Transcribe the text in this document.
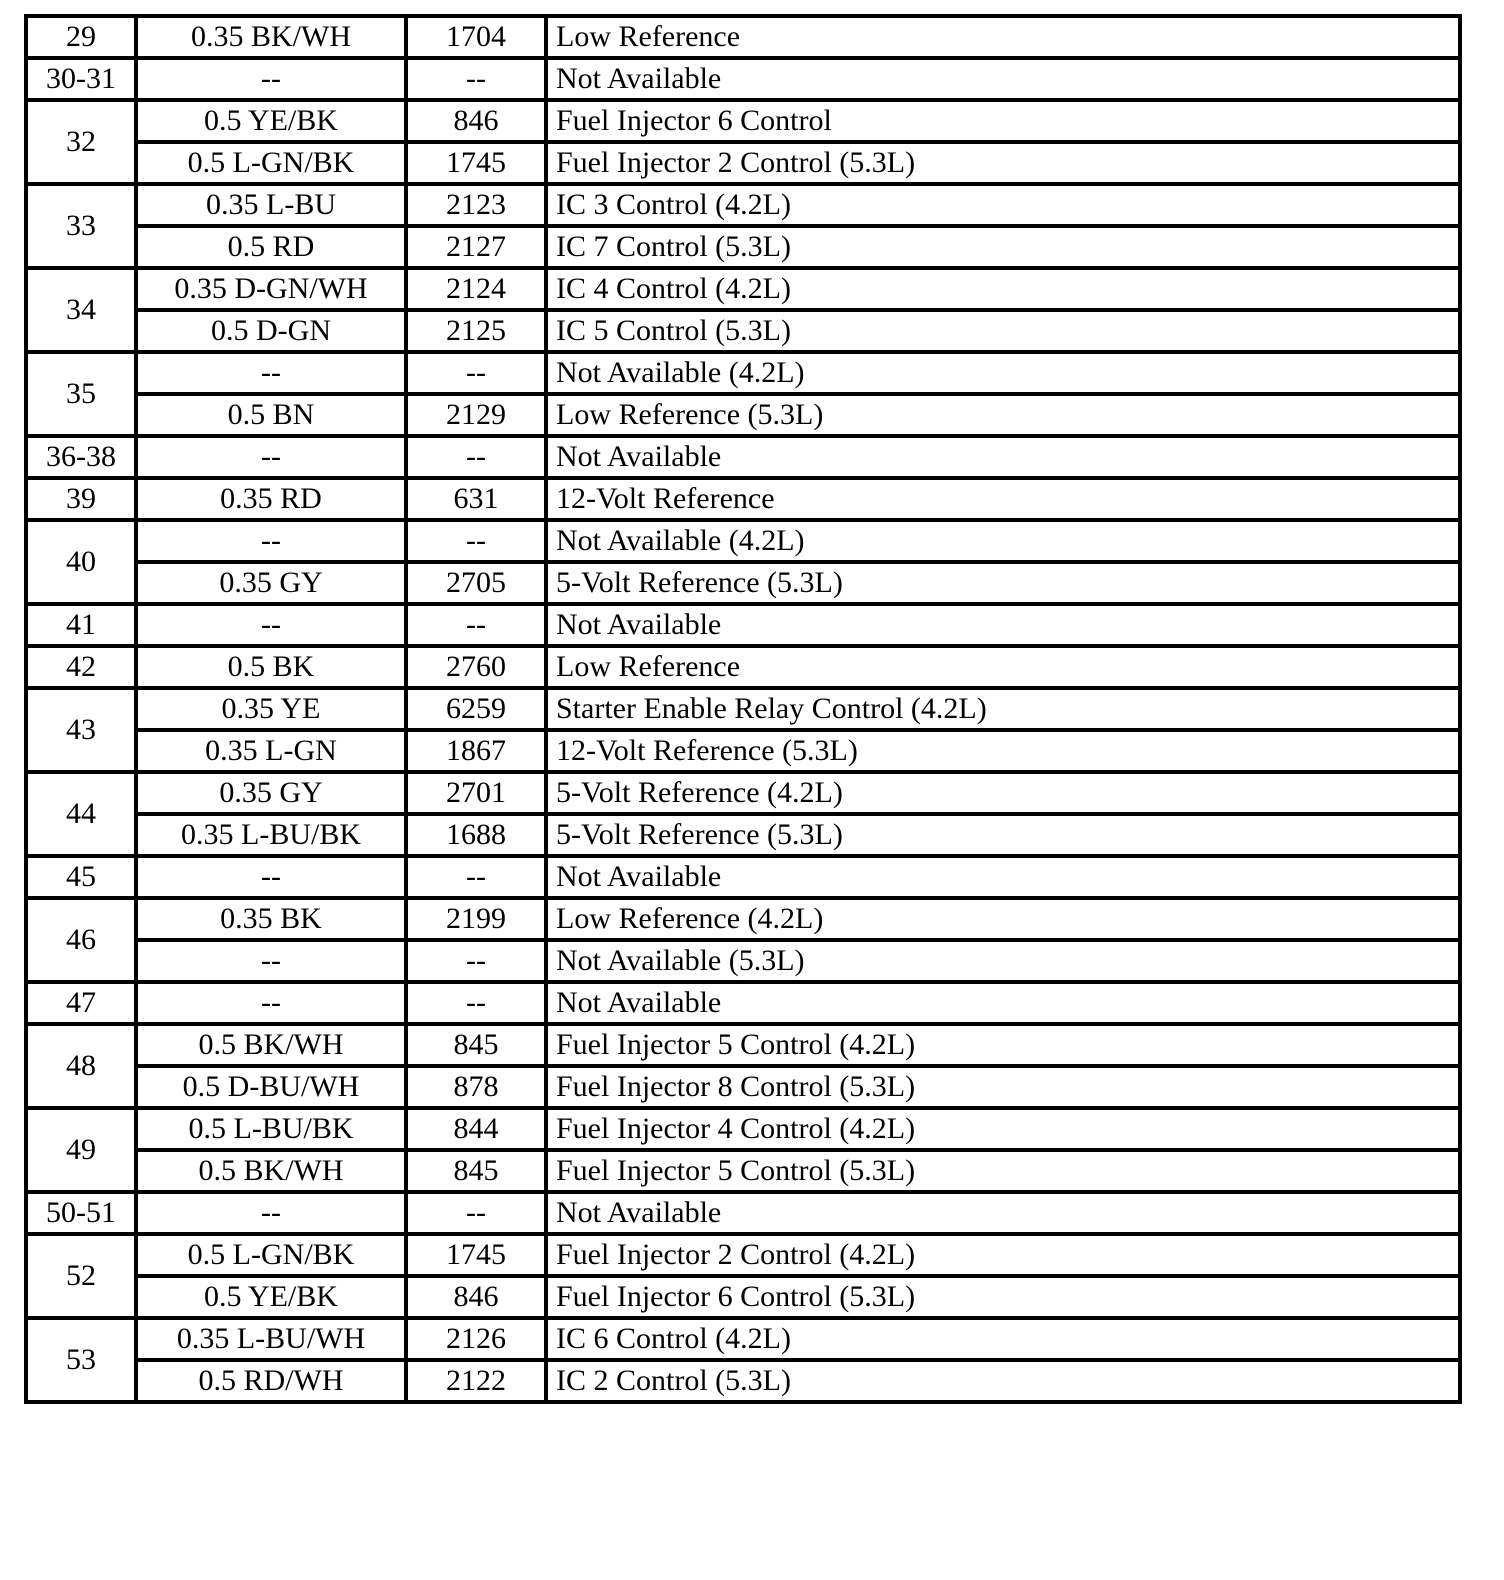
29	0.35 BK/WH	1704	Low Reference
30-31	--	--	Not Available
32	0.5 YE/BK	846	Fuel Injector 6 Control
	0.5 L-GN/BK	1745	Fuel Injector 2 Control (5.3L)
33	0.35 L-BU	2123	IC 3 Control (4.2L)
	0.5 RD	2127	IC 7 Control (5.3L)
34	0.35 D-GN/WH	2124	IC 4 Control (4.2L)
	0.5 D-GN	2125	IC 5 Control (5.3L)
35	--	--	Not Available (4.2L)
	0.5 BN	2129	Low Reference (5.3L)
36-38	--	--	Not Available
39	0.35 RD	631	12-Volt Reference
40	--	--	Not Available (4.2L)
	0.35 GY	2705	5-Volt Reference (5.3L)
41	--	--	Not Available
42	0.5 BK	2760	Low Reference
43	0.35 YE	6259	Starter Enable Relay Control (4.2L)
	0.35 L-GN	1867	12-Volt Reference (5.3L)
44	0.35 GY	2701	5-Volt Reference (4.2L)
	0.35 L-BU/BK	1688	5-Volt Reference (5.3L)
45	--	--	Not Available
46	0.35 BK	2199	Low Reference (4.2L)
	--	--	Not Available (5.3L)
47	--	--	Not Available
48	0.5 BK/WH	845	Fuel Injector 5 Control (4.2L)
	0.5 D-BU/WH	878	Fuel Injector 8 Control (5.3L)
49	0.5 L-BU/BK	844	Fuel Injector 4 Control (4.2L)
	0.5 BK/WH	845	Fuel Injector 5 Control (5.3L)
50-51	--	--	Not Available
52	0.5 L-GN/BK	1745	Fuel Injector 2 Control (4.2L)
	0.5 YE/BK	846	Fuel Injector 6 Control (5.3L)
53	0.35 L-BU/WH	2126	IC 6 Control (4.2L)
	0.5 RD/WH	2122	IC 2 Control (5.3L)
